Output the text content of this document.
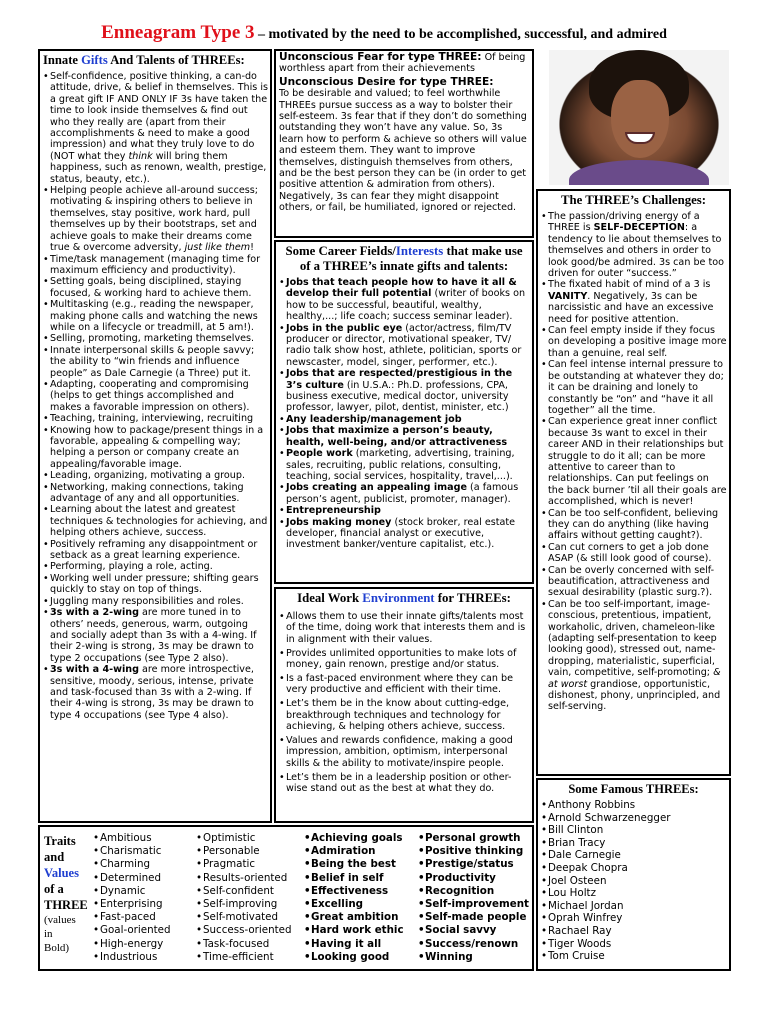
Enneagram Type 3 – motivated by the need to be accomplished, successful, and admired
Innate Gifts And Talents of THREEs:
• Self-confidence, positive thinking, a can-do attitude, drive, & belief in themselves. This is a great gift IF AND ONLY IF 3s have taken the time to look inside themselves & find out who they really are (apart from their accomplishments & need to make a good impression) and what they truly love to do (NOT what they think will bring them happiness, such as renown, wealth, prestige, status, beauty, etc.).
• Helping people achieve all-around success; motivating & inspiring others to believe in themselves, stay positive, work hard, pull themselves up by their bootstraps, set and achieve goals to make their dreams come true & overcome adversity, just like them!
• Time/task management (managing time for maximum efficiency and productivity).
• Setting goals, being disciplined, staying focused, & working hard to achieve them.
• Multitasking (e.g., reading the newspaper, making phone calls and watching the news while on a lifecycle or treadmill, at 5 am!).
• Selling, promoting, marketing themselves.
• Innate interpersonal skills & people savvy; the ability to “win friends and influence people” as Dale Carnegie (a Three) put it.
• Adapting, cooperating and compromising (helps to get things accomplished and makes a favorable impression on others).
• Teaching, training, interviewing, recruiting
• Knowing how to package/present things in a favorable, appealing & compelling way; helping a person or company create an appealing/favorable image.
• Leading, organizing, motivating a group.
• Networking, making connections, taking advantage of any and all opportunities.
• Learning about the latest and greatest techniques & technologies for achieving, and helping others achieve, success.
• Positively reframing any disappointment or setback as a great learning experience.
• Performing, playing a role, acting.
• Working well under pressure; shifting gears quickly to stay on top of things.
• Juggling many responsibilities and roles.
• 3s with a 2-wing are more tuned in to others’ needs, generous, warm, outgoing and socially adept than 3s with a 4-wing. If their 2-wing is strong, 3s may be drawn to type 2 occupations (see Type 2 also).
• 3s with a 4-wing are more introspective, sensitive, moody, serious, intense, private and task-focused than 3s with a 2-wing. If their 4-wing is strong, 3s may be drawn to type 4 occupations (see Type 4 also).
Unconscious Fear for type THREE: Of being worthless apart from their achievements
Unconscious Desire for type THREE:
To be desirable and valued; to feel worthwhile THREEs pursue success as a way to bolster their self-esteem. 3s fear that if they don’t do something outstanding they won’t have any value. So, 3s learn how to perform & achieve so others will value and esteem them. They want to improve themselves, distinguish themselves from others, and be the best person they can be (in order to get positive attention & admiration from others). Negatively, 3s can fear they might disappoint others, or fail, be humiliated, ignored or rejected.
Some Career Fields/Interests that make use of a THREE’s innate gifts and talents:
• Jobs that teach people how to have it all & develop their full potential (writer of books on how to be successful, beautiful, wealthy, healthy,...; life coach; success seminar leader).
• Jobs in the public eye (actor/actress, film/TV producer or director, motivational speaker, TV/ radio talk show host, athlete, politician, sports or newscaster, model, singer, performer, etc.).
• Jobs that are respected/prestigious in the 3’s culture (in U.S.A.: Ph.D. professions, CPA, business executive, medical doctor, university professor, lawyer, pilot, dentist, minister, etc.)
• Any leadership/management job
• Jobs that maximize a person’s beauty, health, well-being, and/or attractiveness
• People work (marketing, advertising, training, sales, recruiting, public relations, consulting, teaching, social services, hospitality, travel,...).
• Jobs creating an appealing image (a famous person’s agent, publicist, promoter, manager).
• Entrepreneurship
• Jobs making money (stock broker, real estate developer, financial analyst or executive, investment banker/venture capitalist, etc.).
Ideal Work Environment for THREEs:
• Allows them to use their innate gifts/talents most of the time, doing work that interests them and is in alignment with their values.
• Provides unlimited opportunities to make lots of money, gain renown, prestige and/or status.
• Is a fast-paced environment where they can be very productive and efficient with their time.
• Let’s them be in the know about cutting-edge, breakthrough techniques and technology for achieving, & helping others achieve, success.
• Values and rewards confidence, making a good impression, ambition, optimism, interpersonal skills & the ability to motivate/inspire people.
• Let’s them be in a leadership position or other-wise stand out as the best at what they do.
The THREE’s Challenges:
• The passion/driving energy of a THREE is SELF-DECEPTION: a tendency to lie about themselves to themselves and others in order to look good/be admired. 3s can be too driven for outer “success.”
• The fixated habit of mind of a 3 is VANITY. Negatively, 3s can be narcissistic and have an excessive need for positive attention.
• Can feel empty inside if they focus on developing a positive image more than a genuine, real self.
• Can feel intense internal pressure to be outstanding at whatever they do; it can be draining and lonely to constantly be “on” and “have it all together” all the time.
• Can experience great inner conflict because 3s want to excel in their career AND in their relationships but struggle to do it all; can be more attentive to career than to relationships. Can put feelings on the back burner ’til all their goals are accomplished, which is never!
• Can be too self-confident, believing they can do anything (like having affairs without getting caught?).
• Can cut corners to get a job done ASAP (& still look good of course).
• Can be overly concerned with self-beautification, attractiveness and sexual desirability (plastic surg.?).
• Can be too self-important, image-conscious, pretentious, impatient, workaholic, driven, chameleon-like (adapting self-presentation to keep looking good), stressed out, name-dropping, materialistic, superficial, vain, competitive, self-promoting; & at worst grandiose, opportunistic, dishonest, phony, unprincipled, and self-serving.
Some Famous THREEs:
• Anthony Robbins
• Arnold Schwarzenegger
• Bill Clinton
• Brian Tracy
• Dale Carnegie
• Deepak Chopra
• Joel Osteen
• Lou Holtz
• Michael Jordan
• Oprah Winfrey
• Rachael Ray
• Tiger Woods
• Tom Cruise
Traits
and
Values
of a
THREE
(values
in
Bold)
• Ambitious
• Charismatic
• Charming
• Determined
• Dynamic
• Enterprising
• Fast-paced
• Goal-oriented
• High-energy
• Industrious
• Optimistic
• Personable
• Pragmatic
• Results-oriented
• Self-confident
• Self-improving
• Self-motivated
• Success-oriented
• Task-focused
• Time-efficient
• Achieving goals
• Admiration
• Being the best
• Belief in self
• Effectiveness
• Excelling
• Great ambition
• Hard work ethic
• Having it all
• Looking good
• Personal growth
• Positive thinking
• Prestige/status
• Productivity
• Recognition
• Self-improvement
• Self-made people
• Social savvy
• Success/renown
• Winning
